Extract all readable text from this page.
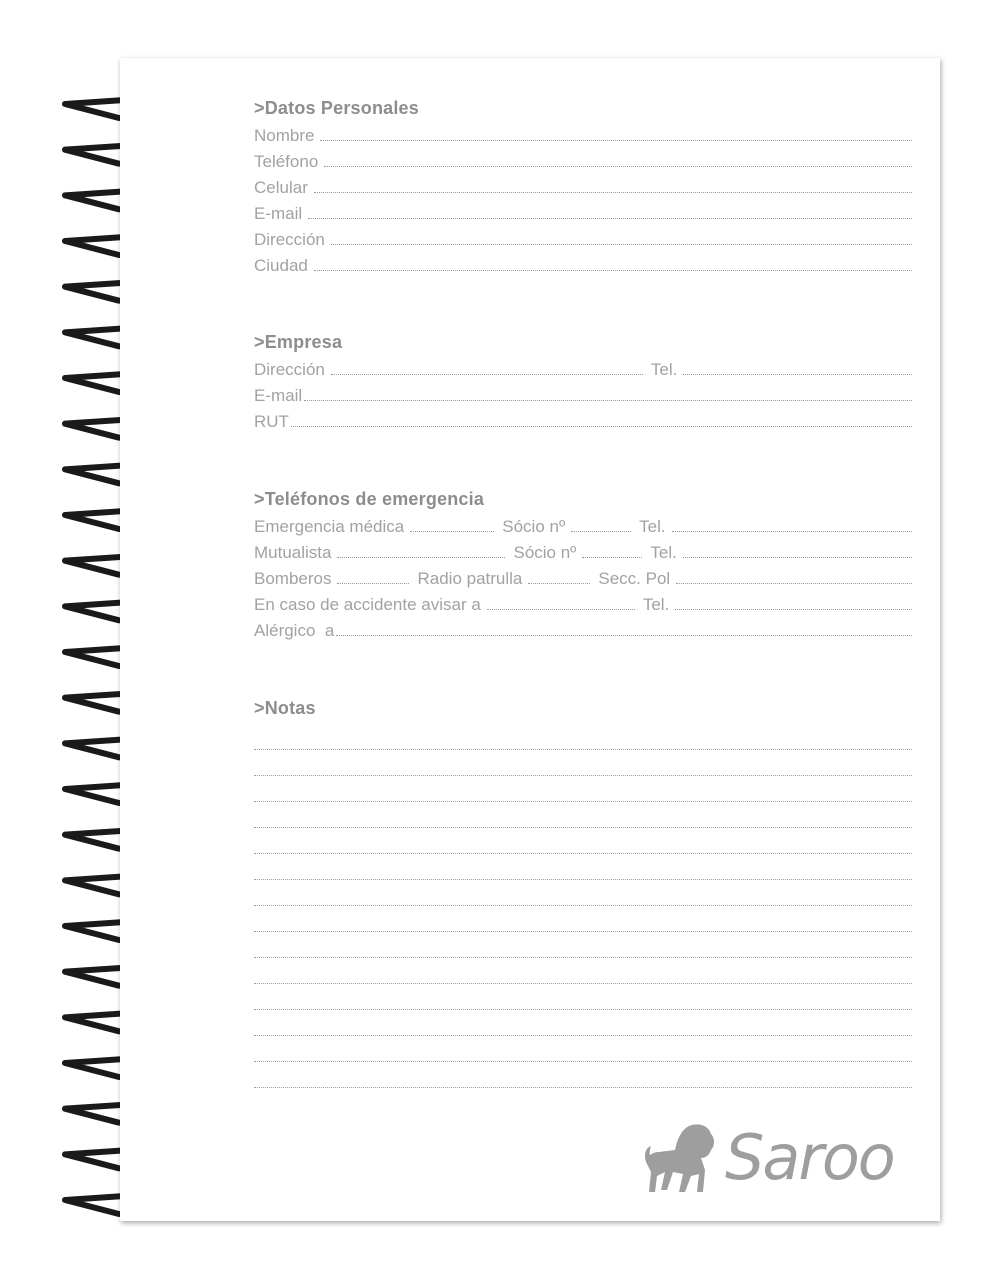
>Datos Personales
Nombre
Teléfono
Celular
E-mail
Dirección
Ciudad
>Empresa
Dirección	Tel.
E-mail
RUT
>Teléfonos de emergencia
Emergencia médica	Sócio nº	Tel.
Mutualista	Sócio nº	Tel.
Bomberos	Radio patrulla	Secc. Pol
En caso de accidente avisar a	Tel.
Alérgico  a
>Notas
Saroo
